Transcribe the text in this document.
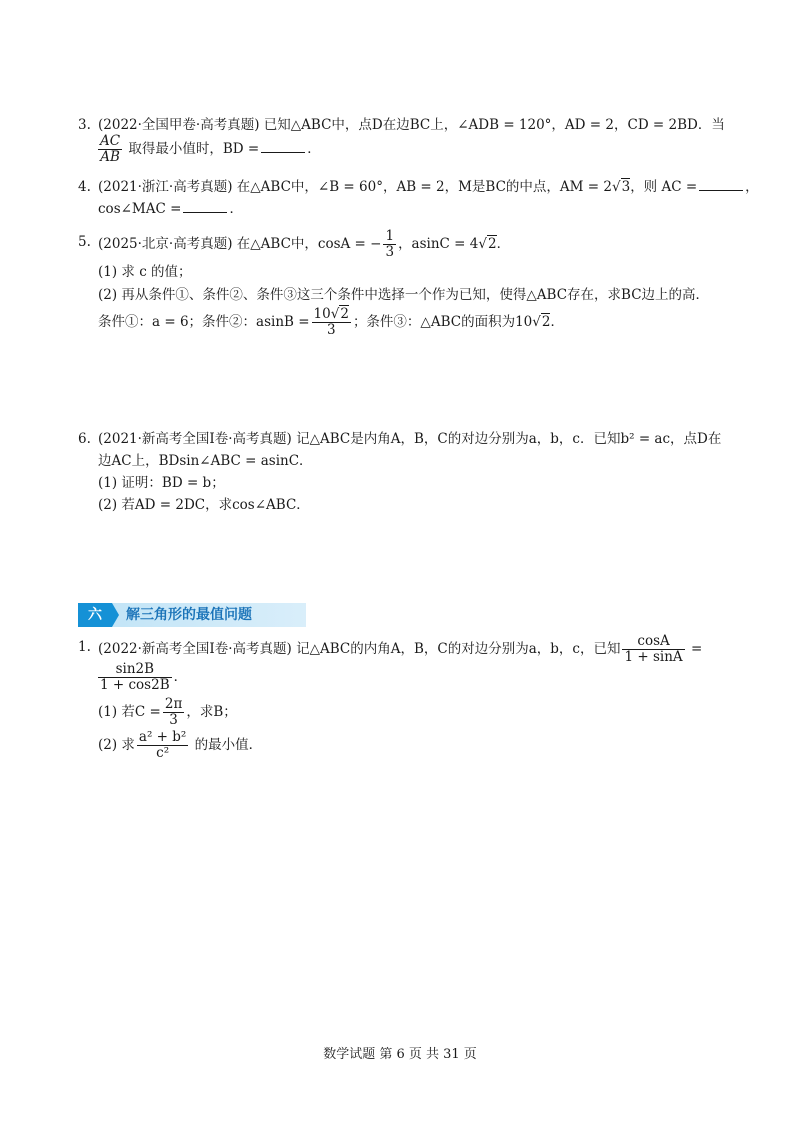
3. (2022·全国甲卷·高考真题) 已知△ABC中，点D在边BC上，∠ADB = 120°，AD = 2，CD = 2BD．当
$\frac{AC}{AB}$ 取得最小值时，BD =	．
4. (2021·浙江·高考真题) 在△ABC中，∠B = 60°，AB = 2，M是BC的中点，AM = 2√3，则 AC =	，
cos∠MAC =	．
5. (2025·北京·高考真题) 在△ABC中，cosA = − $\frac{1}{3}$ ，asinC = 4√2．
(1) 求 c 的值；
(2) 再从条件①、条件②、条件③这三个条件中选择一个作为已知，使得△ABC存在，求BC边上的高．
条件①：a = 6；条件②：$asinB = \frac{10√2}{3}$ ；条件③：△ABC的面积为10√2．
6. (2021·新高考全国Ⅰ卷·高考真题) 记△ABC是内角A，B，C的对边分别为a，b，c．已知b² = ac，点D在
边AC上，BDsin∠ABC = asinC．
(1) 证明：BD = b；
(2) 若AD = 2DC，求cos∠ABC．
六	解三角形的最值问题
1. (2022·新高考全国Ⅰ卷·高考真题) 记△ABC的内角A，B，C的对边分别为a，b，c，已知 $\frac{\cos A}{1 + \sin A}$ =
$\frac{\sin 2B}{1 + \cos 2B}$ ．
(1) 若$C = \frac{2\pi}{3}$ ，求B；
(2) 求 $\frac{\text{a² + b²}}{\text{c²}}$ 的最小值．
数学试题 第 6 页 共 31 页
